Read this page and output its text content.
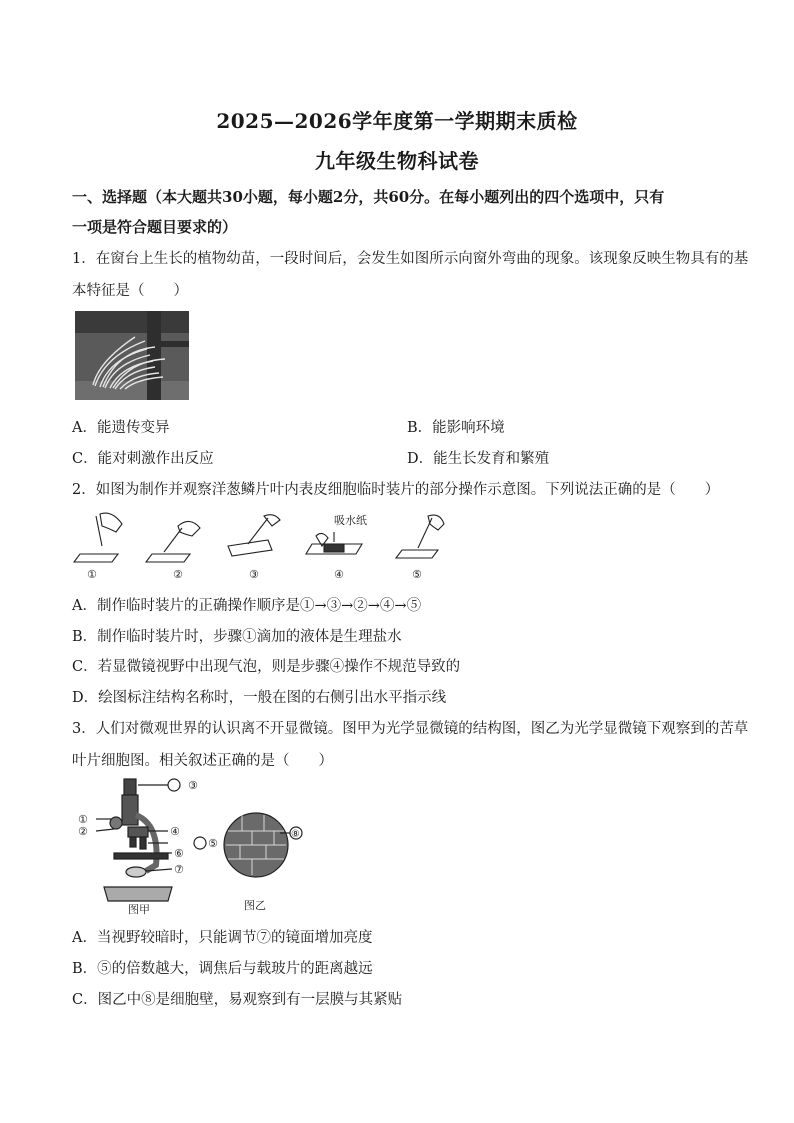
2025—2026学年度第一学期期末质检
九年级生物科试卷
一、选择题（本大题共30小题，每小题2分，共60分。在每小题列出的四个选项中，只有
一项是符合题目要求的）
1．在窗台上生长的植物幼苗，一段时间后，会发生如图所示向窗外弯曲的现象。该现象反映生物具有的基
本特征是（　　）
A．能遗传变异	B．能影响环境
C．能对刺激作出反应	D．能生长发育和繁殖
2．如图为制作并观察洋葱鳞片叶内表皮细胞临时装片的部分操作示意图。下列说法正确的是（　　）
吸水纸
①	②	③	④	⑤
A．制作临时装片的正确操作顺序是①→③→②→④→⑤
B．制作临时装片时，步骤①滴加的液体是生理盐水
C．若显微镜视野中出现气泡，则是步骤④操作不规范导致的
D．绘图标注结构名称时，一般在图的右侧引出水平指示线
3．人们对微观世界的认识离不开显微镜。图甲为光学显微镜的结构图，图乙为光学显微镜下观察到的苦草
叶片细胞图。相关叙述正确的是（　　）
①
②
③
④
⑤
⑥
⑦
⑧
图甲	图乙
A．当视野较暗时，只能调节⑦的镜面增加亮度
B．⑤的倍数越大，调焦后与载玻片的距离越远
C．图乙中⑧是细胞壁，易观察到有一层膜与其紧贴
